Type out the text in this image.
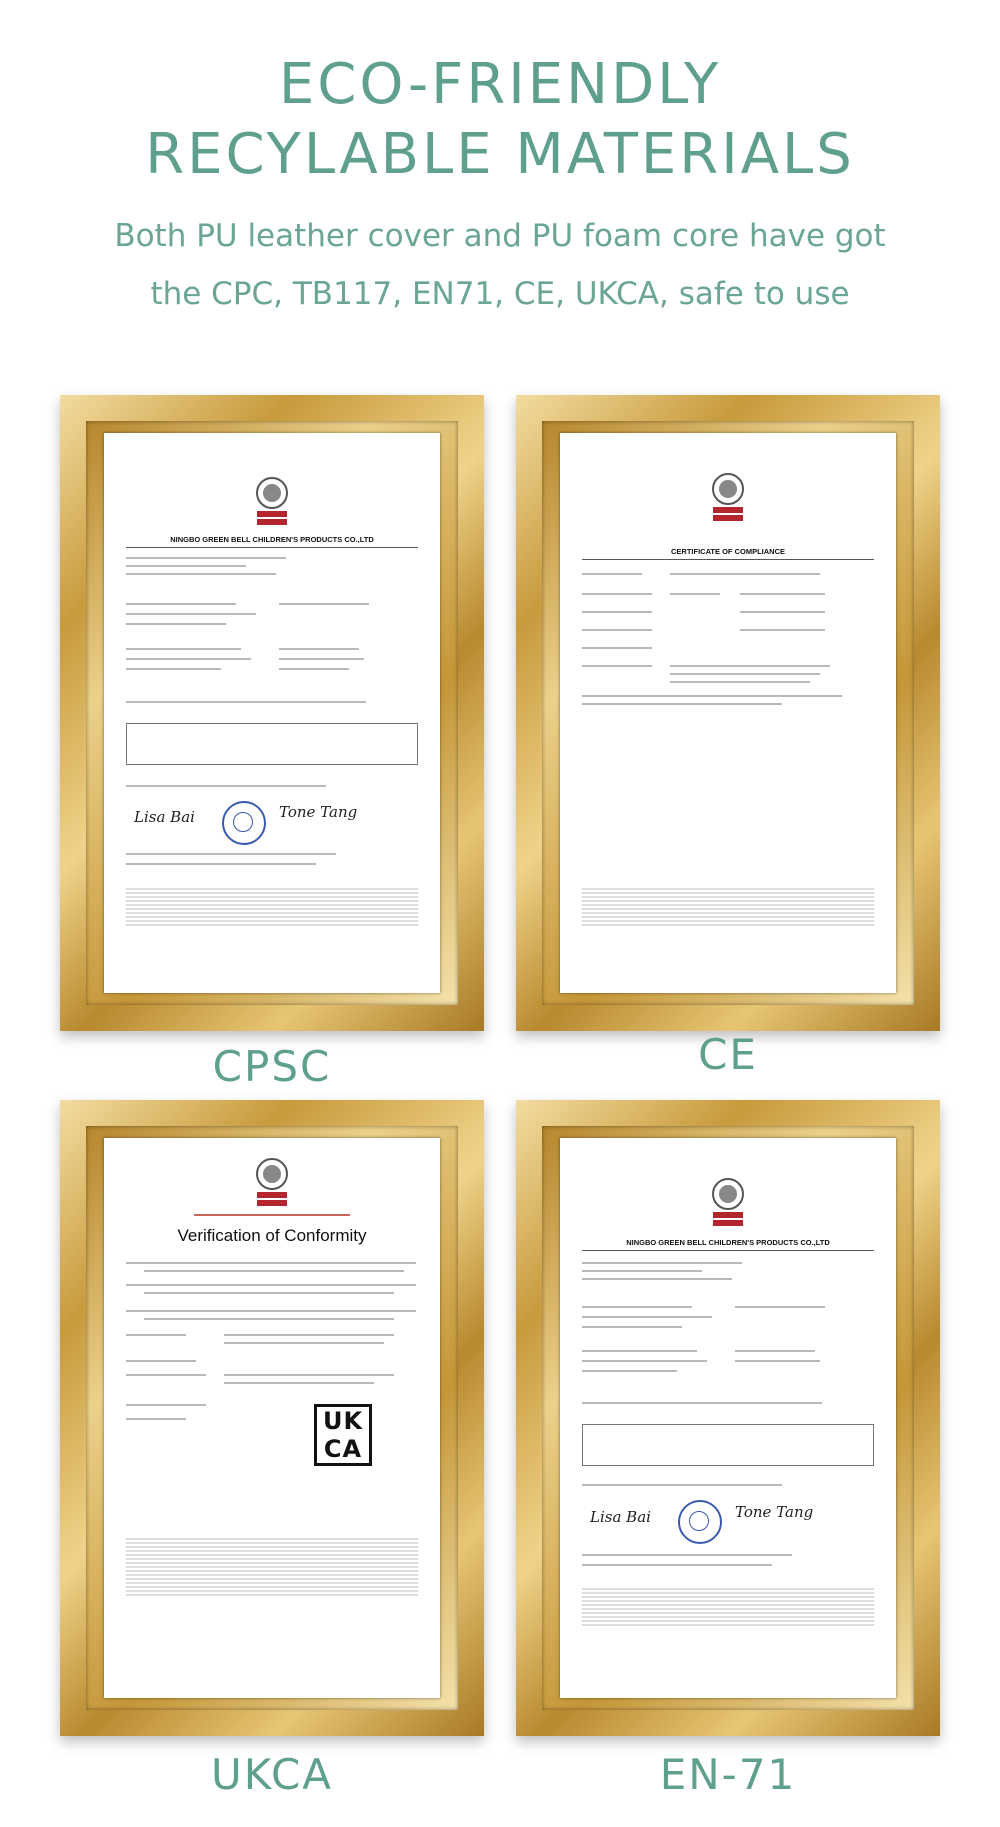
ECO-FRIENDLY
RECYLABLE MATERIALS
Both PU leather cover and PU foam core have got
the CPC, TB117, EN71, CE, UKCA, safe to use
NINGBO GREEN BELL CHILDREN'S PRODUCTS CO.,LTD
Lisa Bai	Tone Tang
CPSC
CERTIFICATE OF COMPLIANCE
CE
Verification of Conformity
UK CA
UKCA
NINGBO GREEN BELL CHILDREN'S PRODUCTS CO.,LTD
Lisa Bai	Tone Tang
EN-71
